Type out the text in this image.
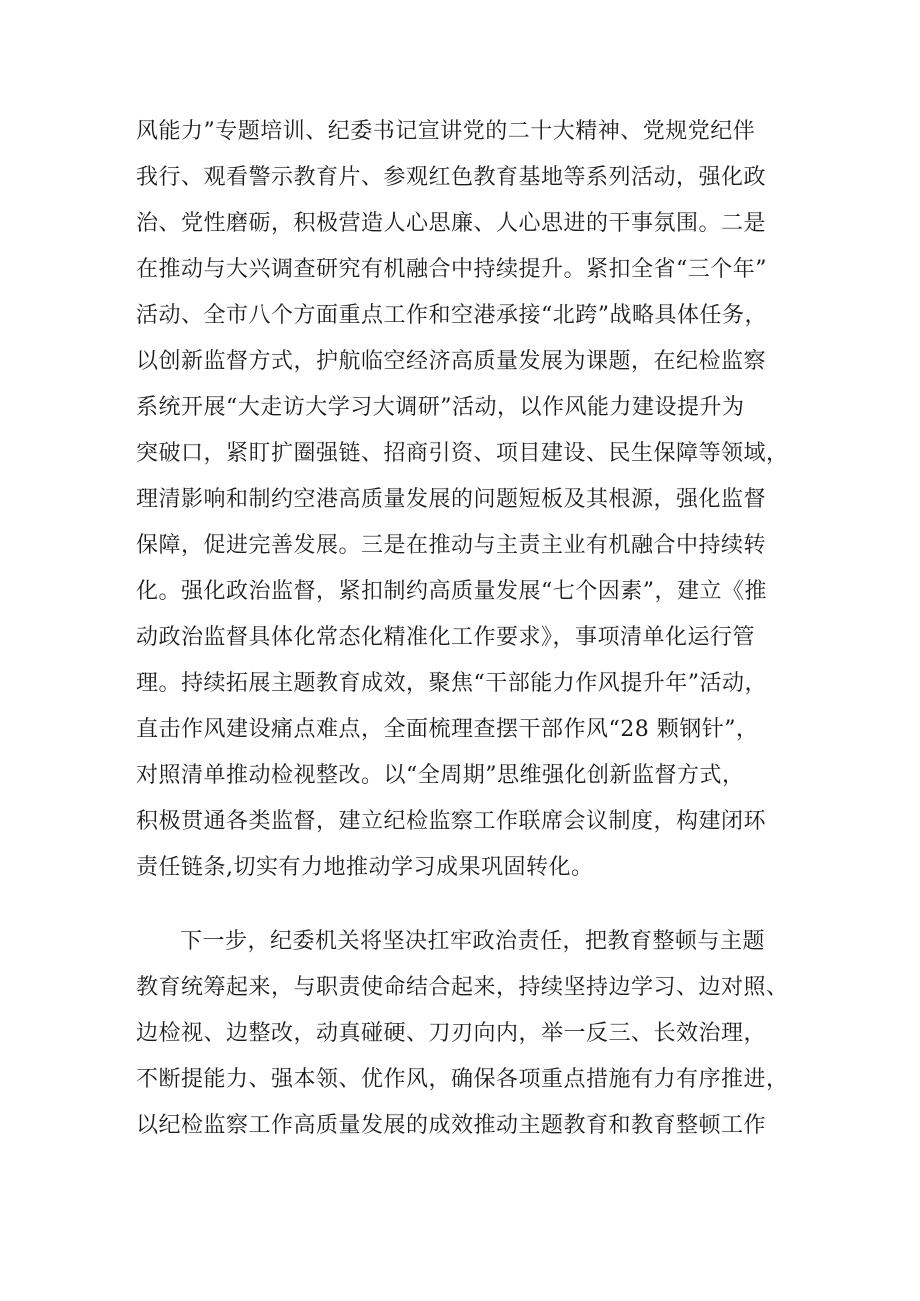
风能力”专题培训、纪委书记宣讲党的二十大精神、党规党纪伴
我行、观看警示教育片、参观红色教育基地等系列活动，强化政
治、党性磨砺，积极营造人心思廉、人心思进的干事氛围。二是
在推动与大兴调查研究有机融合中持续提升。紧扣全省“三个年”
活动、全市八个方面重点工作和空港承接“北跨”战略具体任务，
以创新监督方式，护航临空经济高质量发展为课题，在纪检监察
系统开展“大走访大学习大调研”活动，以作风能力建设提升为
突破口，紧盯扩圈强链、招商引资、项目建设、民生保障等领域，
理清影响和制约空港高质量发展的问题短板及其根源，强化监督
保障，促进完善发展。三是在推动与主责主业有机融合中持续转
化。强化政治监督，紧扣制约高质量发展“七个因素”，建立《推
动政治监督具体化常态化精准化工作要求》，事项清单化运行管
理。持续拓展主题教育成效，聚焦“干部能力作风提升年”活动，
直击作风建设痛点难点，全面梳理查摆干部作风“28 颗钢针”，
对照清单推动检视整改。以“全周期”思维强化创新监督方式，
积极贯通各类监督，建立纪检监察工作联席会议制度，构建闭环
责任链条,切实有力地推动学习成果巩固转化。
下一步，纪委机关将坚决扛牢政治责任，把教育整顿与主题
教育统筹起来，与职责使命结合起来，持续坚持边学习、边对照、
边检视、边整改，动真碰硬、刀刃向内，举一反三、长效治理，
不断提能力、强本领、优作风，确保各项重点措施有力有序推进，
以纪检监察工作高质量发展的成效推动主题教育和教育整顿工作
